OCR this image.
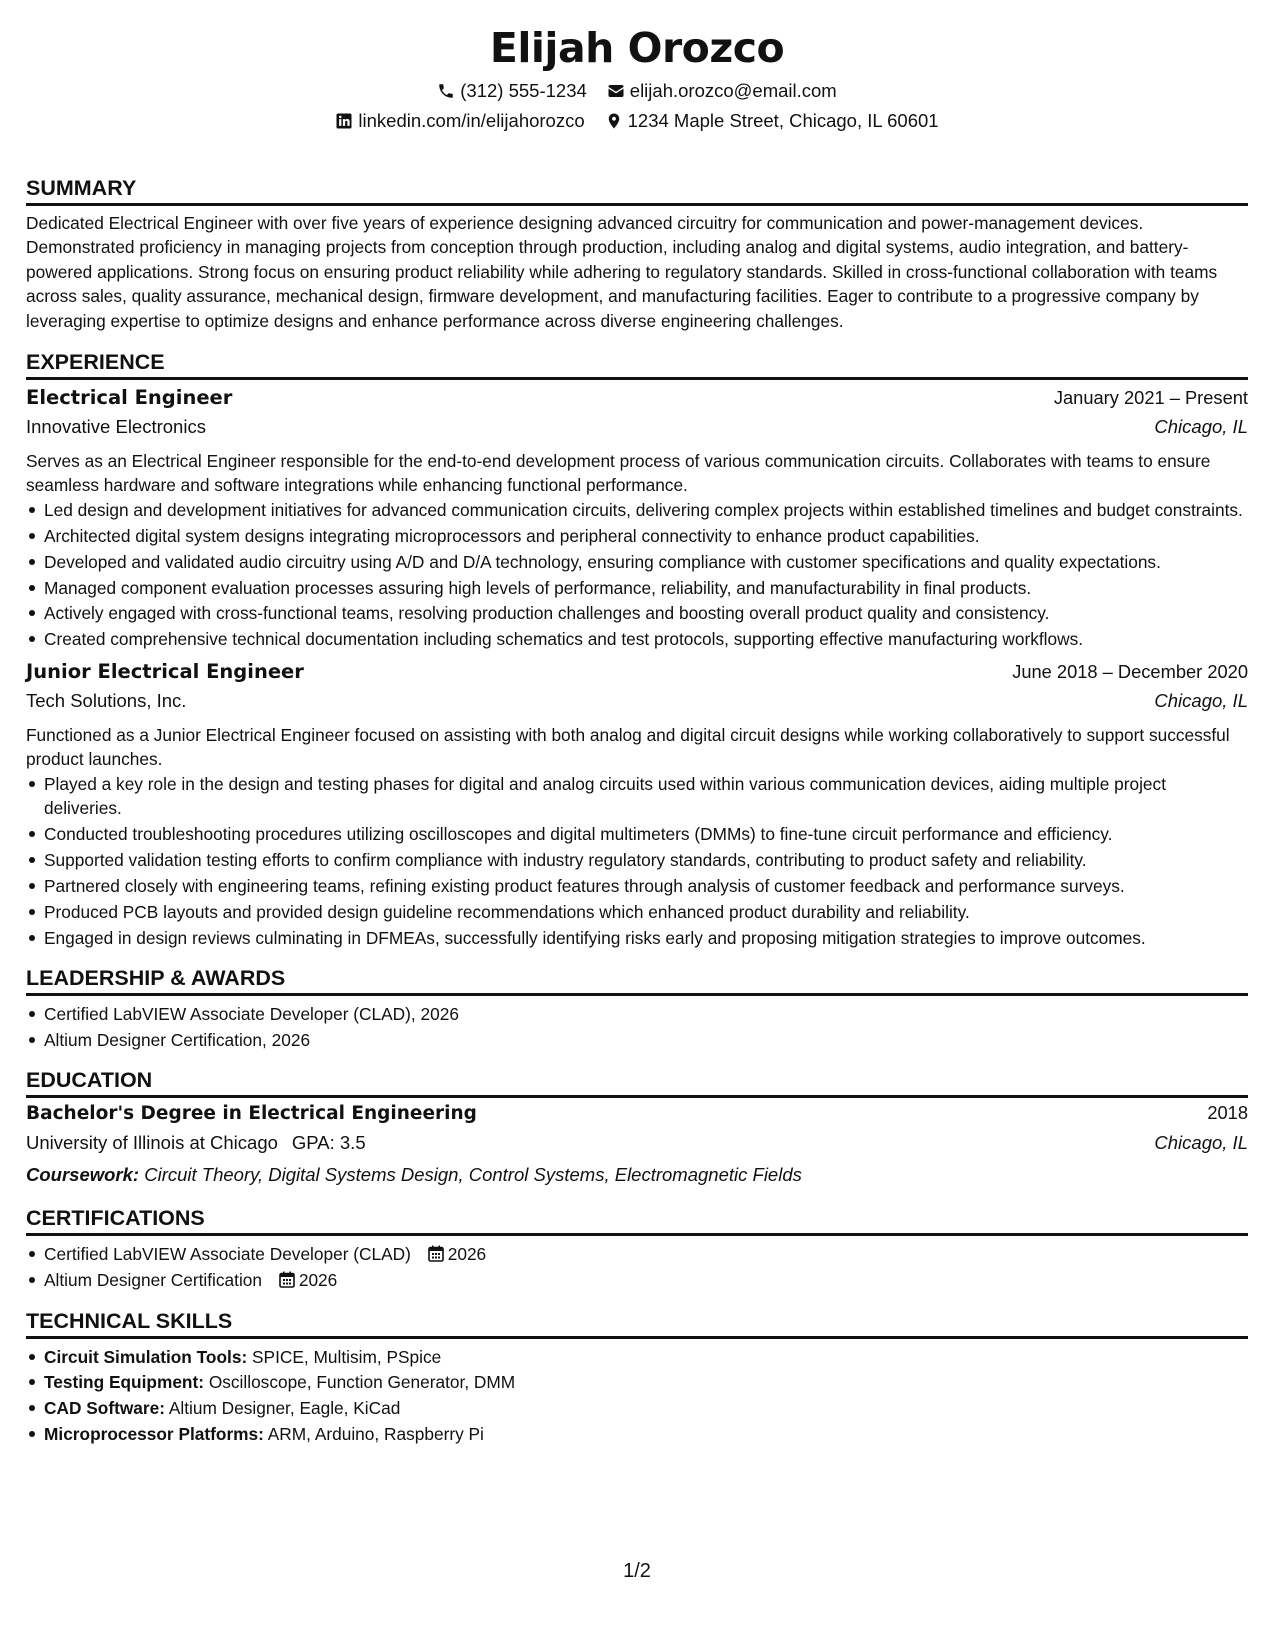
Elijah Orozco
(312) 555-1234 elijah.orozco@email.com
linkedin.com/in/elijahorozco 1234 Maple Street, Chicago, IL 60601
SUMMARY
Dedicated Electrical Engineer with over five years of experience designing advanced circuitry for communication and power-management devices. Demonstrated proficiency in managing projects from conception through production, including analog and digital systems, audio integration, and battery-powered applications. Strong focus on ensuring product reliability while adhering to regulatory standards. Skilled in cross-functional collaboration with teams across sales, quality assurance, mechanical design, firmware development, and manufacturing facilities. Eager to contribute to a progressive company by leveraging expertise to optimize designs and enhance performance across diverse engineering challenges.
EXPERIENCE
Electrical Engineer	January 2021 – Present
Innovative Electronics	Chicago, IL
Serves as an Electrical Engineer responsible for the end-to-end development process of various communication circuits. Collaborates with teams to ensure seamless hardware and software integrations while enhancing functional performance.
Led design and development initiatives for advanced communication circuits, delivering complex projects within established timelines and budget constraints.
Architected digital system designs integrating microprocessors and peripheral connectivity to enhance product capabilities.
Developed and validated audio circuitry using A/D and D/A technology, ensuring compliance with customer specifications and quality expectations.
Managed component evaluation processes assuring high levels of performance, reliability, and manufacturability in final products.
Actively engaged with cross-functional teams, resolving production challenges and boosting overall product quality and consistency.
Created comprehensive technical documentation including schematics and test protocols, supporting effective manufacturing workflows.
Junior Electrical Engineer	June 2018 – December 2020
Tech Solutions, Inc.	Chicago, IL
Functioned as a Junior Electrical Engineer focused on assisting with both analog and digital circuit designs while working collaboratively to support successful product launches.
Played a key role in the design and testing phases for digital and analog circuits used within various communication devices, aiding multiple project deliveries.
Conducted troubleshooting procedures utilizing oscilloscopes and digital multimeters (DMMs) to fine-tune circuit performance and efficiency.
Supported validation testing efforts to confirm compliance with industry regulatory standards, contributing to product safety and reliability.
Partnered closely with engineering teams, refining existing product features through analysis of customer feedback and performance surveys.
Produced PCB layouts and provided design guideline recommendations which enhanced product durability and reliability.
Engaged in design reviews culminating in DFMEAs, successfully identifying risks early and proposing mitigation strategies to improve outcomes.
LEADERSHIP & AWARDS
Certified LabVIEW Associate Developer (CLAD), 2026
Altium Designer Certification, 2026
EDUCATION
Bachelor's Degree in Electrical Engineering	2018
University of Illinois at Chicago GPA: 3.5	Chicago, IL
Coursework: Circuit Theory, Digital Systems Design, Control Systems, Electromagnetic Fields
CERTIFICATIONS
Certified LabVIEW Associate Developer (CLAD) 2026
Altium Designer Certification 2026
TECHNICAL SKILLS
Circuit Simulation Tools: SPICE, Multisim, PSpice
Testing Equipment: Oscilloscope, Function Generator, DMM
CAD Software: Altium Designer, Eagle, KiCad
Microprocessor Platforms: ARM, Arduino, Raspberry Pi
1/2
